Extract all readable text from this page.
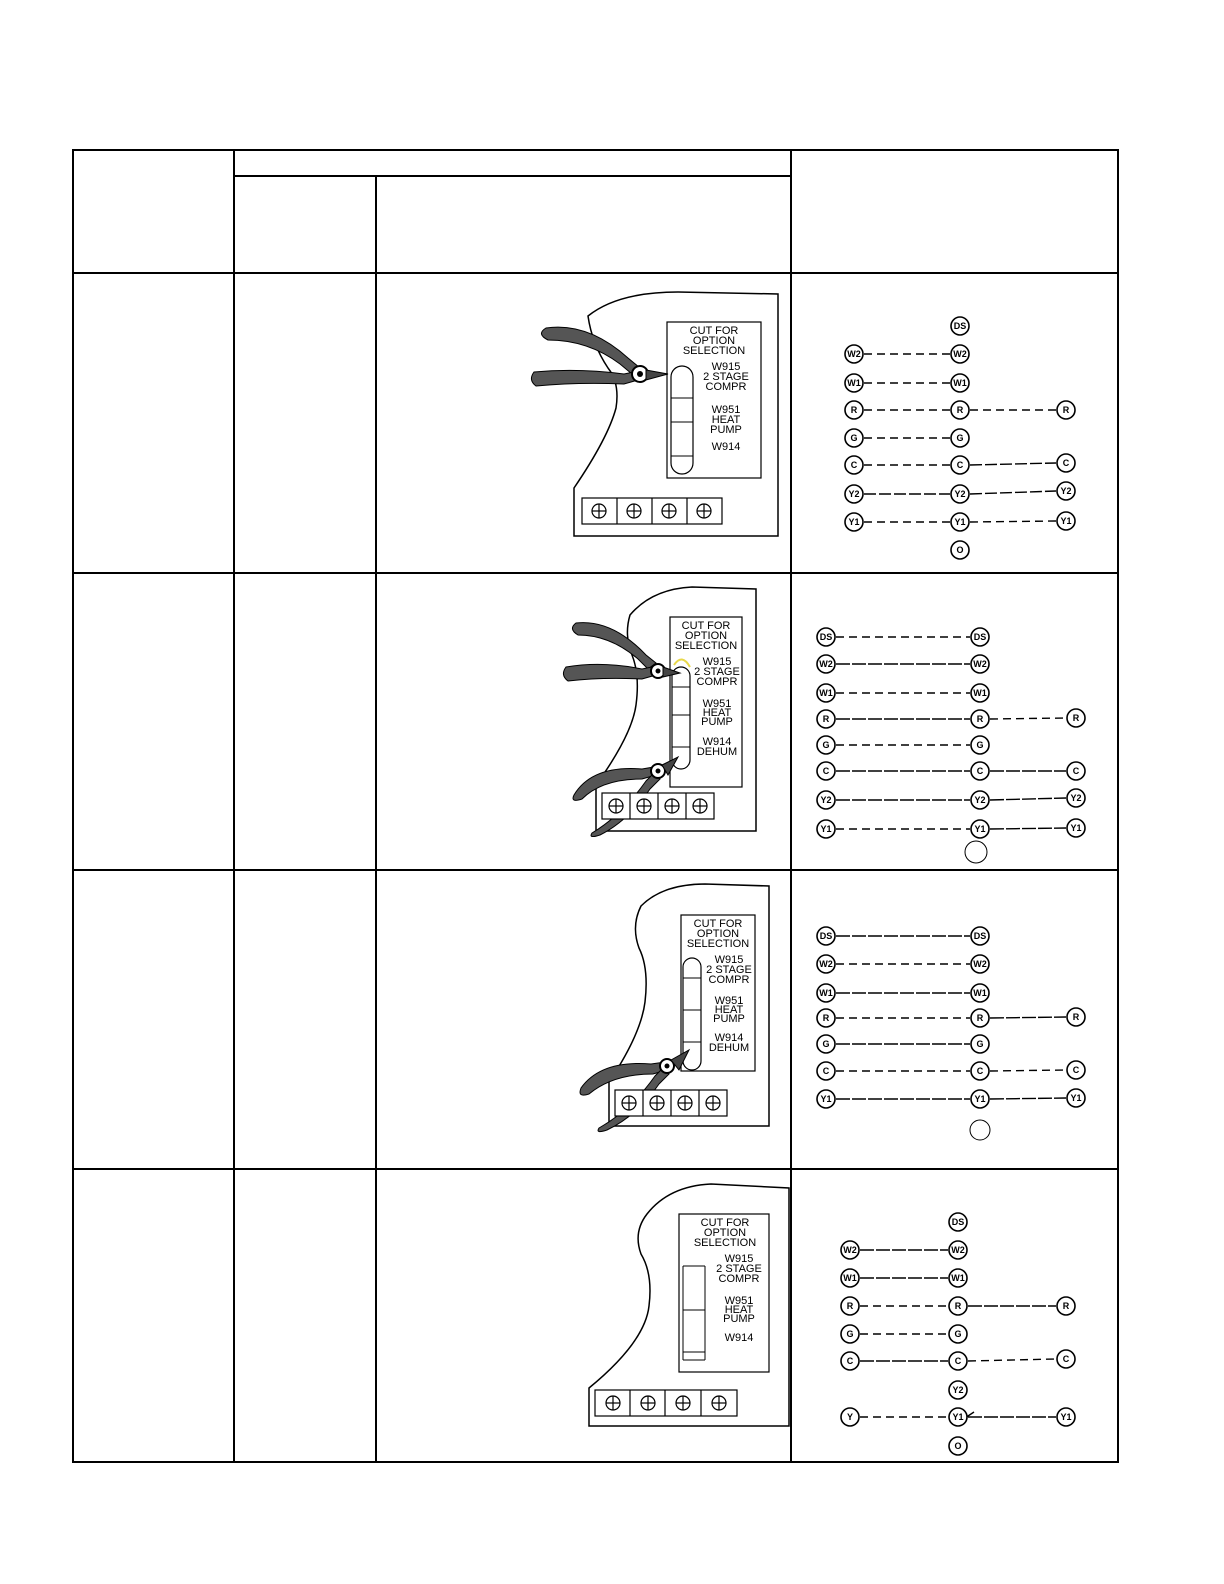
CUT FOR
OPTION
SELECTION
W915
2 STAGE
COMPR
W951
HEAT
PUMP
W914
DS
W2
W1
R
G
C
Y2
Y1
O
W2
W1
R
G
C
Y2
Y1
R
C
Y2
Y1
CUT FOR
OPTION
SELECTION
W915
2 STAGE
COMPR
W951
HEAT
PUMP
W914
DEHUM
DS
W2
W1
R
G
C
Y2
Y1
DS
W2
W1
R
G
C
Y2
Y1
R
C
Y2
Y1
CUT FOR
OPTION
SELECTION
W915
2 STAGE
COMPR
W951
HEAT
PUMP
W914
DEHUM
DS
W2
W1
R
G
C
Y1
DS
W2
W1
R
G
C
Y1
R
C
Y1
CUT FOR
OPTION
SELECTION
W915
2 STAGE
COMPR
W951
HEAT
PUMP
W914
W2
W1
R
G
C
Y
DS
W2
W1
R
G
C
Y2
Y1
O
R
C
Y1
